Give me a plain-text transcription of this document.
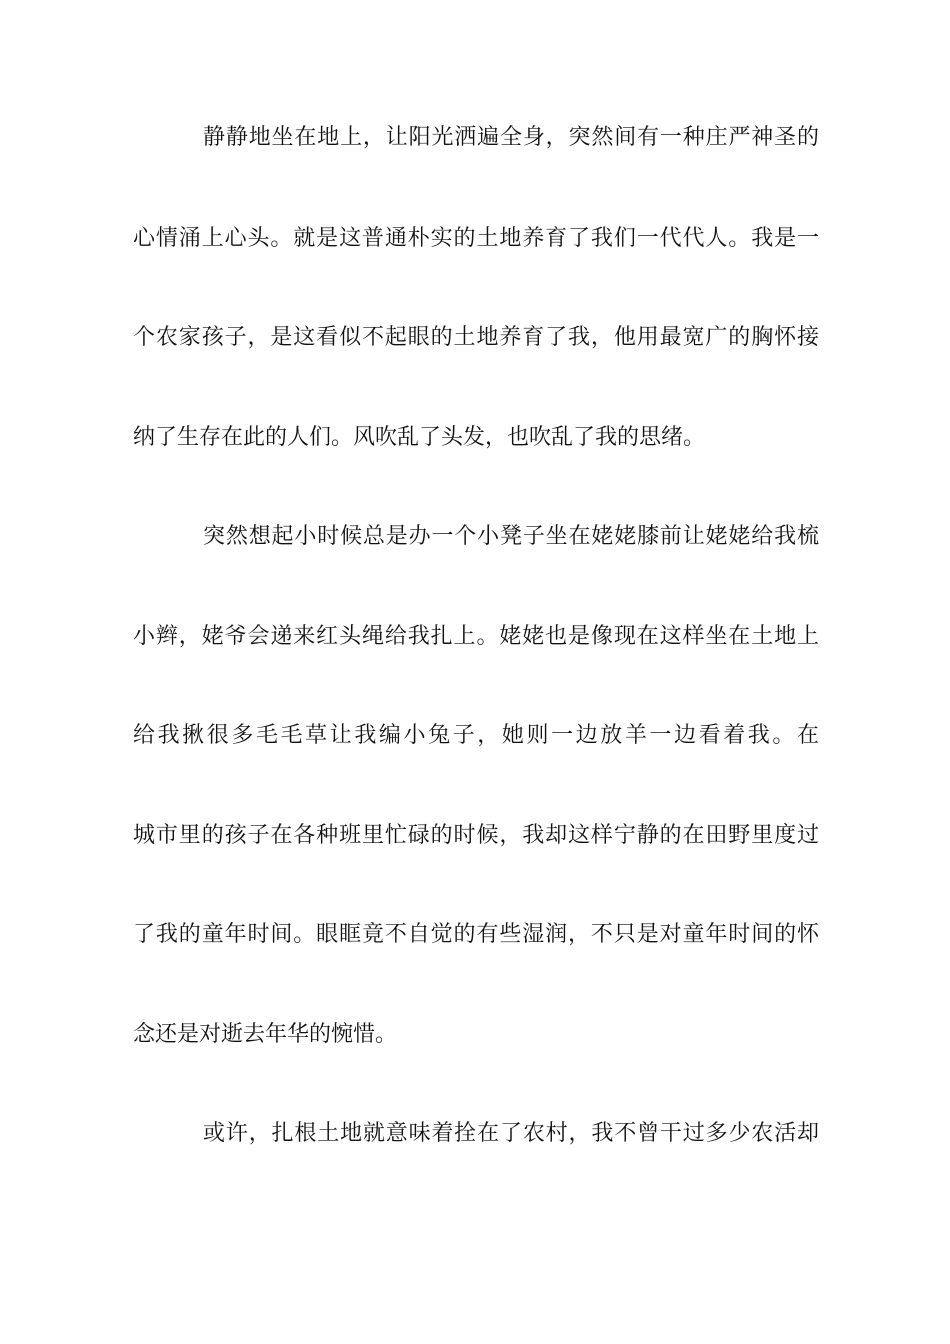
静静地坐在地上，让阳光洒遍全身，突然间有一种庄严神圣的
心情涌上心头。就是这普通朴实的土地养育了我们一代代人。我是一
个农家孩子，是这看似不起眼的土地养育了我，他用最宽广的胸怀接
纳了生存在此的人们。风吹乱了头发，也吹乱了我的思绪。
突然想起小时候总是办一个小凳子坐在姥姥膝前让姥姥给我梳
小辫，姥爷会递来红头绳给我扎上。姥姥也是像现在这样坐在土地上
给我揪很多毛毛草让我编小兔子，她则一边放羊一边看着我。在
城市里的孩子在各种班里忙碌的时候，我却这样宁静的在田野里度过
了我的童年时间。眼眶竟不自觉的有些湿润，不只是对童年时间的怀
念还是对逝去年华的惋惜。
或许，扎根土地就意味着拴在了农村，我不曾干过多少农活却
